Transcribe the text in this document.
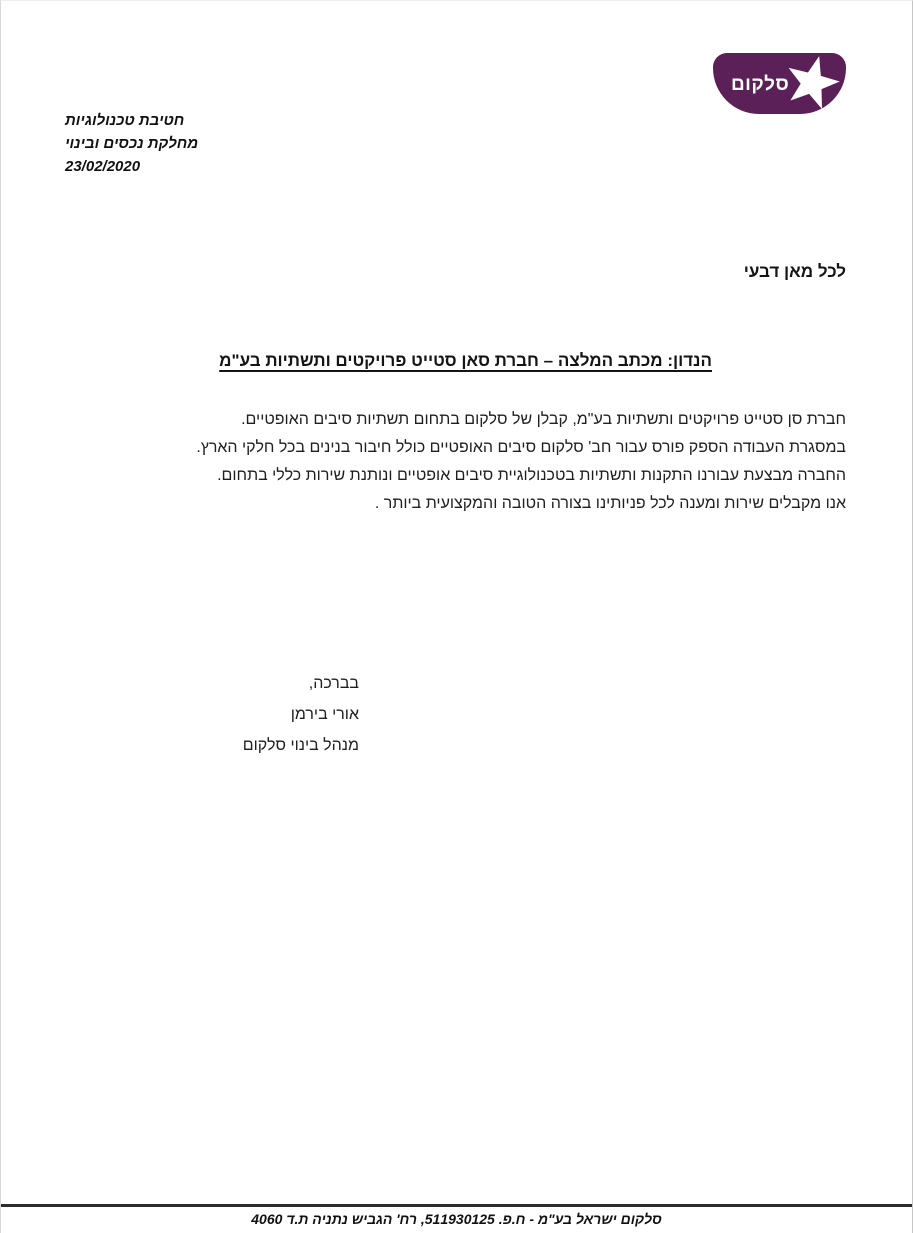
חטיבת טכנולוגיות
מחלקת נכסים ובינוי
23/02/2020
סלקום
לכל מאן דבעי
הנדון: מכתב המלצה – חברת סאן סטייט פרויקטים ותשתיות בע"מ
חברת סן סטייט פרויקטים ותשתיות בע"מ, קבלן של סלקום בתחום תשתיות סיבים האופטיים.
במסגרת העבודה הספק פורס עבור חב' סלקום סיבים האופטיים כולל חיבור בנינים בכל חלקי הארץ.
החברה מבצעת עבורנו התקנות ותשתיות בטכנולוגיית סיבים אופטיים ונותנת שירות כללי בתחום.
אנו מקבלים שירות ומענה לכל פניותינו בצורה הטובה והמקצועית ביותר .
בברכה,
אורי בירמן
מנהל בינוי סלקום
סלקום ישראל בע"מ - ח.פ. 511930125, רח' הגביש נתניה ת.ד 4060
